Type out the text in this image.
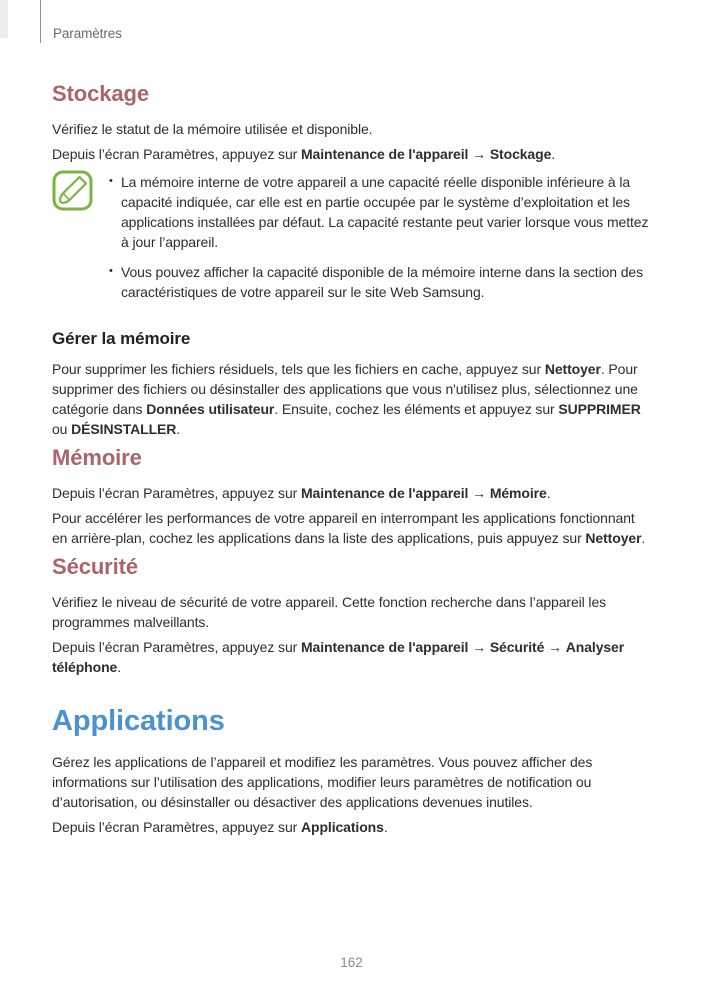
Paramètres
Stockage

Vérifiez le statut de la mémoire utilisée et disponible.

Depuis l’écran Paramètres, appuyez sur Maintenance de l'appareil → Stockage.

• La mémoire interne de votre appareil a une capacité réelle disponible inférieure à la capacité indiquée, car elle est en partie occupée par le système d’exploitation et les applications installées par défaut. La capacité restante peut varier lorsque vous mettez à jour l’appareil.
• Vous pouvez afficher la capacité disponible de la mémoire interne dans la section des caractéristiques de votre appareil sur le site Web Samsung.
Gérer la mémoire

Pour supprimer les fichiers résiduels, tels que les fichiers en cache, appuyez sur Nettoyer. Pour supprimer des fichiers ou désinstaller des applications que vous n'utilisez plus, sélectionnez une catégorie dans Données utilisateur. Ensuite, cochez les éléments et appuyez sur SUPPRIMER ou DÉSINSTALLER.

Mémoire

Depuis l’écran Paramètres, appuyez sur Maintenance de l'appareil → Mémoire.

Pour accélérer les performances de votre appareil en interrompant les applications fonctionnant en arrière-plan, cochez les applications dans la liste des applications, puis appuyez sur Nettoyer.

Sécurité

Vérifiez le niveau de sécurité de votre appareil. Cette fonction recherche dans l’appareil les programmes malveillants.

Depuis l’écran Paramètres, appuyez sur Maintenance de l'appareil → Sécurité → Analyser téléphone.

Applications

Gérez les applications de l’appareil et modifiez les paramètres. Vous pouvez afficher des informations sur l’utilisation des applications, modifier leurs paramètres de notification ou d’autorisation, ou désinstaller ou désactiver des applications devenues inutiles.

Depuis l’écran Paramètres, appuyez sur Applications.

162
